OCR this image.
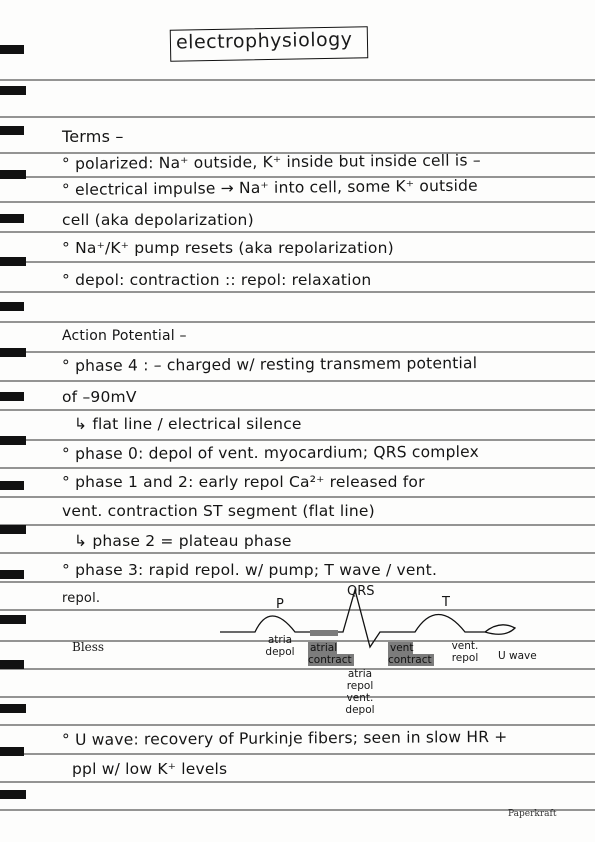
electrophysiology
Terms –
° polarized: Na⁺ outside, K⁺ inside but inside cell is –
° electrical impulse → Na⁺ into cell, some K⁺ outside
cell (aka depolarization)
° Na⁺/K⁺ pump resets (aka repolarization)
° depol: contraction :: repol: relaxation
Action Potential –
° phase 4 : – charged w/ resting transmem potential
of –90mV
↳ flat line / electrical silence
° phase 0: depol of vent. myocardium; QRS complex
° phase 1 and 2: early repol Ca²⁺ released for
vent. contraction ST segment (flat line)
↳ phase 2 = plateau phase
° phase 3: rapid repol. w/ pump; T wave / vent.
repol.	P
QRS
T
atria depol	atrial contract
atria repol vent. depol
vent contract
vent. repol	U wave
Bless
° U wave: recovery of Purkinje fibers; seen in slow HR +
ppl w/ low K⁺ levels
Paperkraft
